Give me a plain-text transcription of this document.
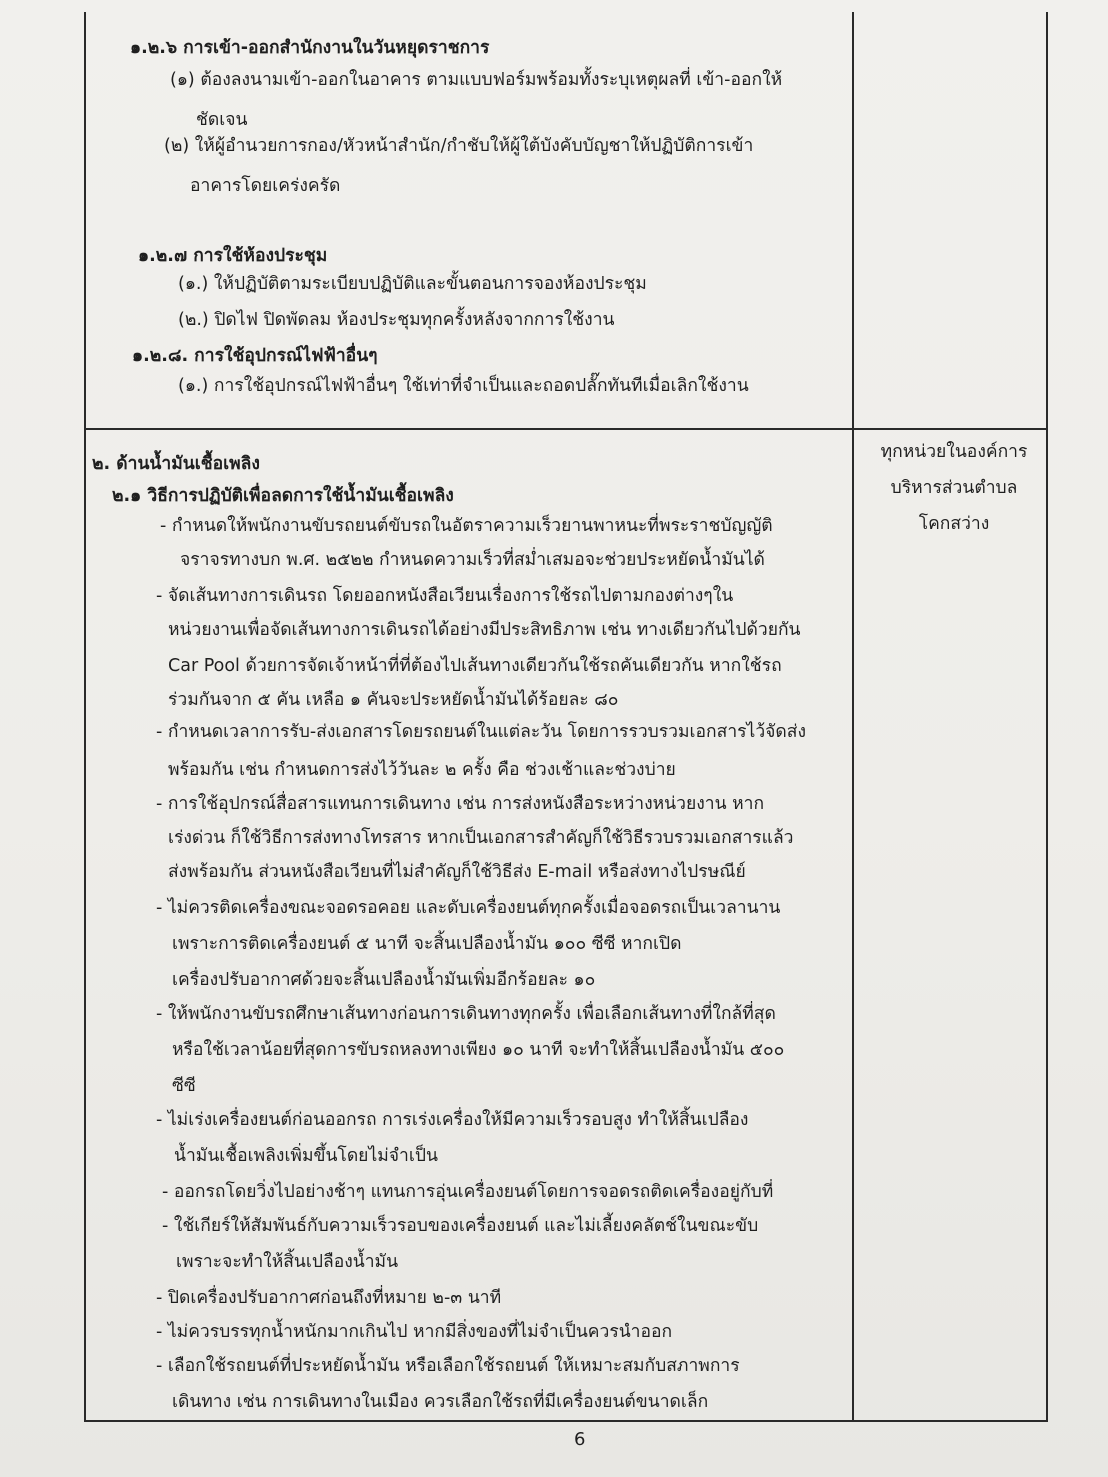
๑.๒.๖ การเข้า-ออกสำนักงานในวันหยุดราชการ
(๑) ต้องลงนามเข้า-ออกในอาคาร ตามแบบฟอร์มพร้อมทั้งระบุเหตุผลที่ เข้า-ออกให้
ชัดเจน
(๒) ให้ผู้อำนวยการกอง/หัวหน้าสำนัก/กำชับให้ผู้ใต้บังคับบัญชาให้ปฏิบัติการเข้า
อาคารโดยเคร่งครัด
๑.๒.๗ การใช้ห้องประชุม
(๑.) ให้ปฏิบัติตามระเบียบปฏิบัติและขั้นตอนการจองห้องประชุม
(๒.) ปิดไฟ ปิดพัดลม ห้องประชุมทุกครั้งหลังจากการใช้งาน
๑.๒.๘. การใช้อุปกรณ์ไฟฟ้าอื่นๆ
(๑.) การใช้อุปกรณ์ไฟฟ้าอื่นๆ ใช้เท่าที่จำเป็นและถอดปลั๊กทันทีเมื่อเลิกใช้งาน
๒. ด้านน้ำมันเชื้อเพลิง
๒.๑ วิธีการปฏิบัติเพื่อลดการใช้น้ำมันเชื้อเพลิง
- กำหนดให้พนักงานขับรถยนต์ขับรถในอัตราความเร็วยานพาหนะที่พระราชบัญญัติ
จราจรทางบก พ.ศ. ๒๕๒๒ กำหนดความเร็วที่สม่ำเสมอจะช่วยประหยัดน้ำมันได้
- จัดเส้นทางการเดินรถ โดยออกหนังสือเวียนเรื่องการใช้รถไปตามกองต่างๆใน
หน่วยงานเพื่อจัดเส้นทางการเดินรถได้อย่างมีประสิทธิภาพ เช่น ทางเดียวกันไปด้วยกัน
Car Pool ด้วยการจัดเจ้าหน้าที่ที่ต้องไปเส้นทางเดียวกันใช้รถคันเดียวกัน หากใช้รถ
ร่วมกันจาก ๕ คัน เหลือ ๑ คันจะประหยัดน้ำมันได้ร้อยละ ๘๐
- กำหนดเวลาการรับ-ส่งเอกสารโดยรถยนต์ในแต่ละวัน โดยการรวบรวมเอกสารไว้จัดส่ง
พร้อมกัน เช่น กำหนดการส่งไว้วันละ ๒ ครั้ง คือ ช่วงเช้าและช่วงบ่าย
- การใช้อุปกรณ์สื่อสารแทนการเดินทาง เช่น การส่งหนังสือระหว่างหน่วยงาน หาก
เร่งด่วน ก็ใช้วิธีการส่งทางโทรสาร หากเป็นเอกสารสำคัญก็ใช้วิธีรวบรวมเอกสารแล้ว
ส่งพร้อมกัน ส่วนหนังสือเวียนที่ไม่สำคัญก็ใช้วิธีส่ง E-mail หรือส่งทางไปรษณีย์
- ไม่ควรติดเครื่องขณะจอดรอคอย และดับเครื่องยนต์ทุกครั้งเมื่อจอดรถเป็นเวลานาน
เพราะการติดเครื่องยนต์ ๕ นาที จะสิ้นเปลืองน้ำมัน ๑๐๐ ซีซี หากเปิด
เครื่องปรับอากาศด้วยจะสิ้นเปลืองน้ำมันเพิ่มอีกร้อยละ ๑๐
- ให้พนักงานขับรถศึกษาเส้นทางก่อนการเดินทางทุกครั้ง เพื่อเลือกเส้นทางที่ใกล้ที่สุด
หรือใช้เวลาน้อยที่สุดการขับรถหลงทางเพียง ๑๐ นาที จะทำให้สิ้นเปลืองน้ำมัน ๕๐๐
ซีซี
- ไม่เร่งเครื่องยนต์ก่อนออกรถ การเร่งเครื่องให้มีความเร็วรอบสูง ทำให้สิ้นเปลือง
น้ำมันเชื้อเพลิงเพิ่มขึ้นโดยไม่จำเป็น
- ออกรถโดยวิ่งไปอย่างช้าๆ แทนการอุ่นเครื่องยนต์โดยการจอดรถติดเครื่องอยู่กับที่
- ใช้เกียร์ให้สัมพันธ์กับความเร็วรอบของเครื่องยนต์ และไม่เลี้ยงคลัตช์ในขณะขับ
เพราะจะทำให้สิ้นเปลืองน้ำมัน
- ปิดเครื่องปรับอากาศก่อนถึงที่หมาย ๒-๓ นาที
- ไม่ควรบรรทุกน้ำหนักมากเกินไป หากมีสิ่งของที่ไม่จำเป็นควรนำออก
- เลือกใช้รถยนต์ที่ประหยัดน้ำมัน หรือเลือกใช้รถยนต์ ให้เหมาะสมกับสภาพการ
เดินทาง เช่น การเดินทางในเมือง ควรเลือกใช้รถที่มีเครื่องยนต์ขนาดเล็ก
ทุกหน่วยในองค์การ
บริหารส่วนตำบล
โคกสว่าง
6
